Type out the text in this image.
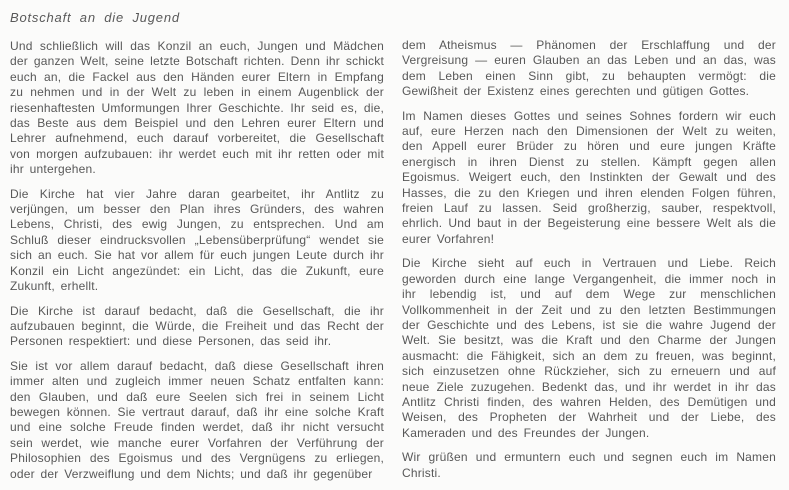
Botschaft an die Jugend

Und schließlich will das Konzil an euch, Jungen und Mädchen der ganzen Welt, seine letzte Botschaft richten. Denn ihr schickt euch an, die Fackel aus den Händen eurer Eltern in Empfang zu nehmen und in der Welt zu leben in einem Augenblick der riesenhaftesten Umformungen Ihrer Geschichte. Ihr seid es, die, das Beste aus dem Beispiel und den Lehren eurer Eltern und Lehrer aufnehmend, euch darauf vorbereitet, die Gesellschaft von morgen aufzubauen: ihr werdet euch mit ihr retten oder mit ihr untergehen.

Die Kirche hat vier Jahre daran gearbeitet, ihr Antlitz zu verjüngen, um besser den Plan ihres Gründers, des wahren Lebens, Christi, des ewig Jungen, zu entsprechen. Und am Schluß dieser eindrucksvollen „Lebensüberprüfung“ wendet sie sich an euch. Sie hat vor allem für euch jungen Leute durch ihr Konzil ein Licht angezündet: ein Licht, das die Zukunft, eure Zukunft, erhellt.

Die Kirche ist darauf bedacht, daß die Gesellschaft, die ihr aufzubauen beginnt, die Würde, die Freiheit und das Recht der Personen respektiert: und diese Personen, das seid ihr.

Sie ist vor allem darauf bedacht, daß diese Gesellschaft ihren immer alten und zugleich immer neuen Schatz entfalten kann: den Glauben, und daß eure Seelen sich frei in seinem Licht bewegen können. Sie vertraut darauf, daß ihr eine solche Kraft und eine solche Freude finden werdet, daß ihr nicht versucht sein werdet, wie manche eurer Vorfahren der Verführung der Philosophien des Egoismus und des Vergnügens zu erliegen, oder der Verzweiflung und dem Nichts; und daß ihr gegenüber

dem Atheismus — Phänomen der Erschlaffung und der Vergreisung — euren Glauben an das Leben und an das, was dem Leben einen Sinn gibt, zu behaupten vermögt: die Gewißheit der Existenz eines gerechten und gütigen Gottes.

Im Namen dieses Gottes und seines Sohnes fordern wir euch auf, eure Herzen nach den Dimensionen der Welt zu weiten, den Appell eurer Brüder zu hören und eure jungen Kräfte energisch in ihren Dienst zu stellen. Kämpft gegen allen Egoismus. Weigert euch, den Instinkten der Gewalt und des Hasses, die zu den Kriegen und ihren elenden Folgen führen, freien Lauf zu lassen. Seid großherzig, sauber, respektvoll, ehrlich. Und baut in der Begeisterung eine bessere Welt als die eurer Vorfahren!

Die Kirche sieht auf euch in Vertrauen und Liebe. Reich geworden durch eine lange Vergangenheit, die immer noch in ihr lebendig ist, und auf dem Wege zur menschlichen Vollkommenheit in der Zeit und zu den letzten Bestimmungen der Geschichte und des Lebens, ist sie die wahre Jugend der Welt. Sie besitzt, was die Kraft und den Charme der Jungen ausmacht: die Fähigkeit, sich an dem zu freuen, was beginnt, sich einzusetzen ohne Rückzieher, sich zu erneuern und auf neue Ziele zuzugehen. Bedenkt das, und ihr werdet in ihr das Antlitz Christi finden, des wahren Helden, des Demütigen und Weisen, des Propheten der Wahrheit und der Liebe, des Kameraden und des Freundes der Jungen.

Wir grüßen und ermuntern euch und segnen euch im Namen Christi.
